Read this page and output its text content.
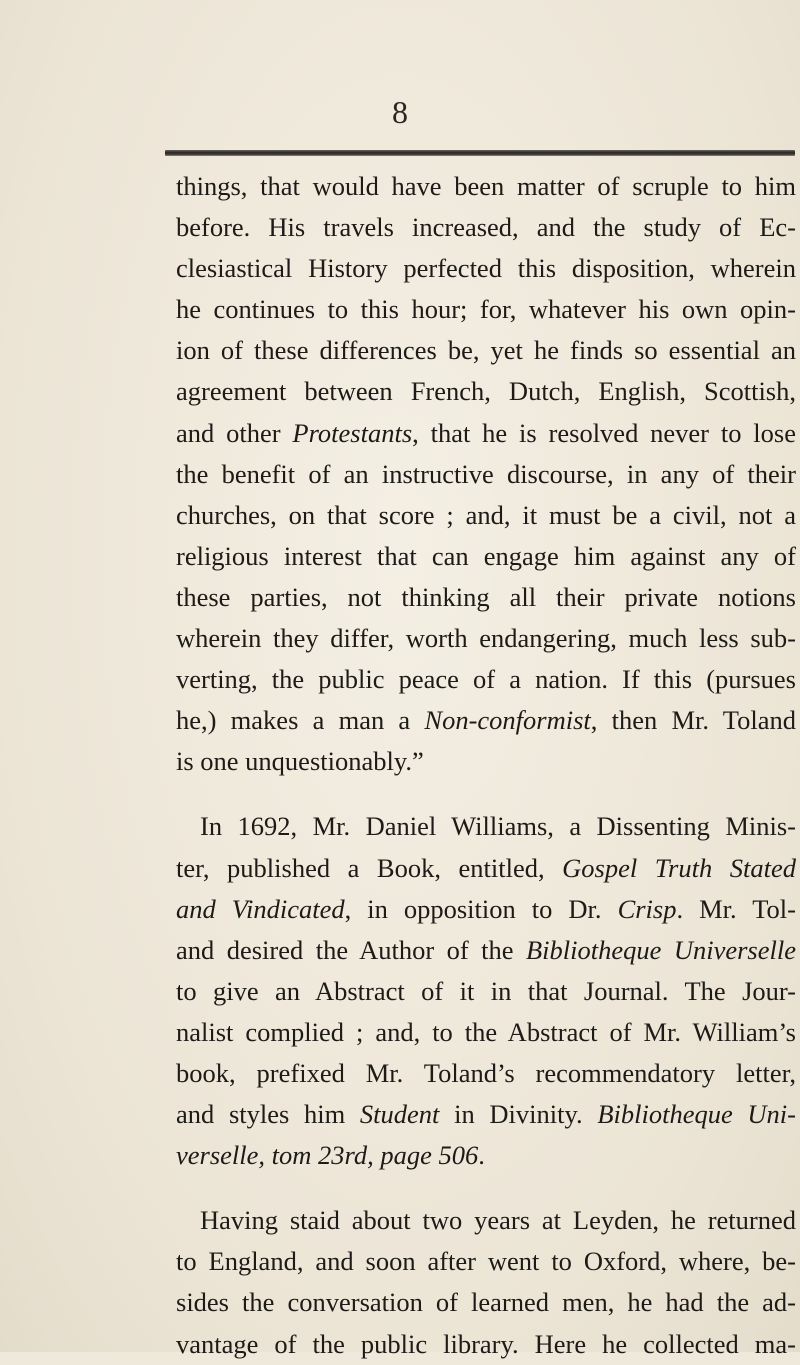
8
things, that would have been matter of scruple to him
before. His travels increased, and the study of Ec-
clesiastical History perfected this disposition, wherein
he continues to this hour; for, whatever his own opin-
ion of these differences be, yet he finds so essential an
agreement between French, Dutch, English, Scottish,
and other Protestants, that he is resolved never to lose
the benefit of an instructive discourse, in any of their
churches, on that score ; and, it must be a civil, not a
religious interest that can engage him against any of
these parties, not thinking all their private notions
wherein they differ, worth endangering, much less sub-
verting, the public peace of a nation. If this (pursues
he,) makes a man a Non-conformist, then Mr. Toland
is one unquestionably.”
In 1692, Mr. Daniel Williams, a Dissenting Minis-
ter, published a Book, entitled, Gospel Truth Stated
and Vindicated, in opposition to Dr. Crisp. Mr. Tol-
and desired the Author of the Bibliotheque Universelle
to give an Abstract of it in that Journal. The Jour-
nalist complied ; and, to the Abstract of Mr. William’s
book, prefixed Mr. Toland’s recommendatory letter,
and styles him Student in Divinity. Bibliotheque Uni-
verselle, tom 23rd, page 506.
Having staid about two years at Leyden, he returned
to England, and soon after went to Oxford, where, be-
sides the conversation of learned men, he had the ad-
vantage of the public library. Here he collected ma-
